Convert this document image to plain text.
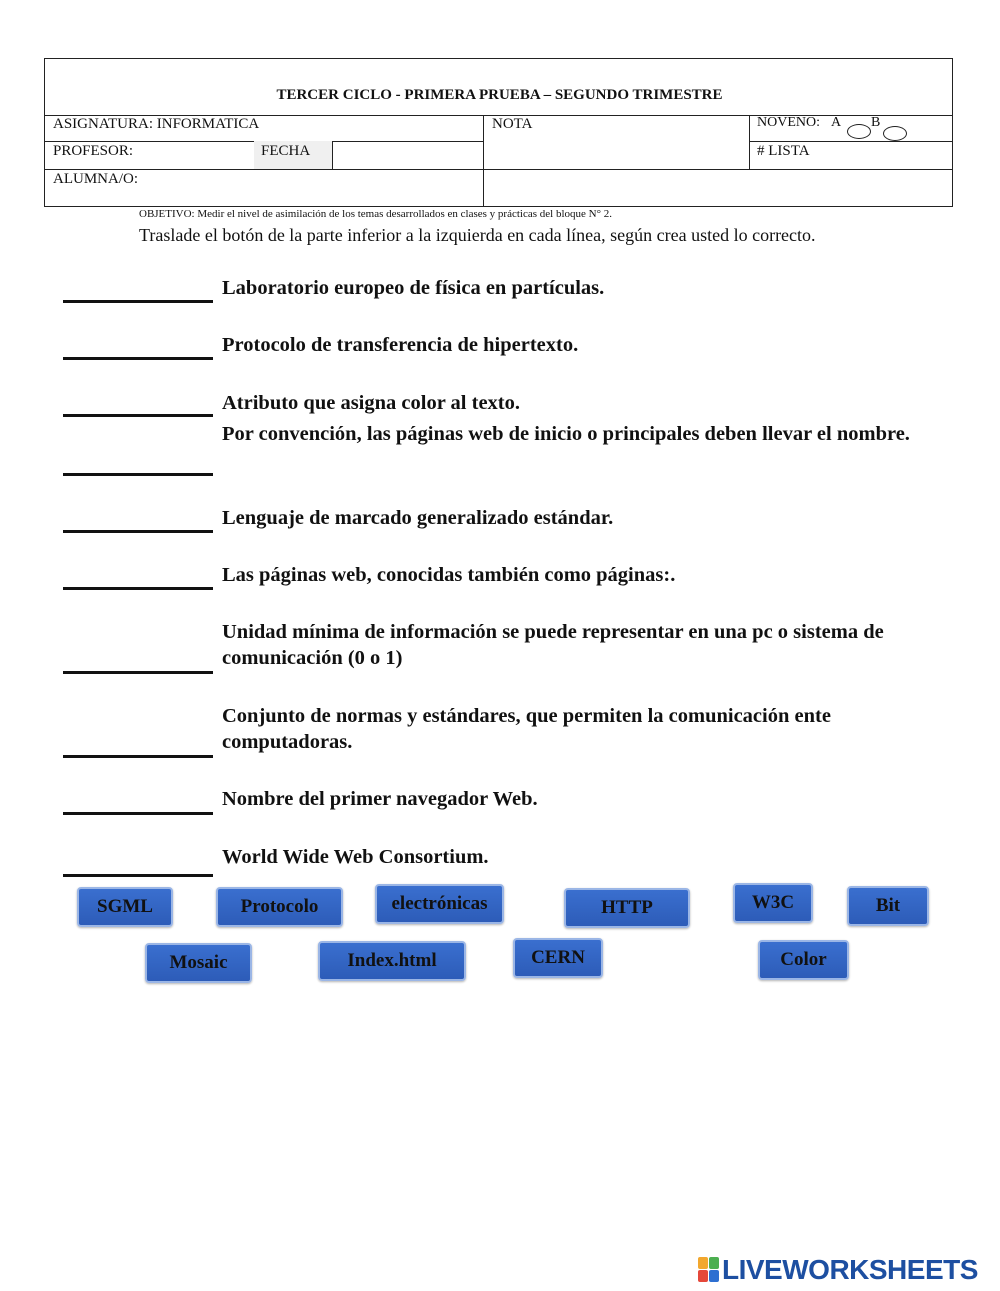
TERCER CICLO - PRIMERA PRUEBA – SEGUNDO TRIMESTRE
ASIGNATURA: INFORMATICA	NOTA	NOVENO: A B
PROFESOR:	FECHA	# LISTA
ALUMNA/O:
OBJETIVO: Medir el nivel de asimilación de los temas desarrollados en clases y prácticas del bloque N° 2.
Traslade el botón de la parte inferior a la izquierda en cada línea, según crea usted lo correcto.
Laboratorio europeo de física en partículas.
Protocolo de transferencia de hipertexto.
Atributo que asigna color al texto.
Por convención, las páginas web de inicio o principales deben llevar el nombre.
Lenguaje de marcado generalizado estándar.
Las páginas web, conocidas también como páginas:.
Unidad mínima de información se puede representar en una pc o sistema de comunicación (0 o 1)
Conjunto de normas y estándares, que permiten la comunicación ente computadoras.
Nombre del primer navegador Web.
World Wide Web Consortium.
SGML	Protocolo	electrónicas	HTTP	W3C	Bit
Mosaic	Index.html	CERN	Color
LIVEWORKSHEETS
